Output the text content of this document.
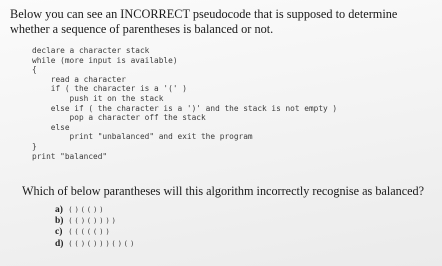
Below you can see an INCORRECT pseudocode that is supposed to determine
whether a sequence of parentheses is balanced or not.
declare a character stack
while (more input is available)
{
read a character
if ( the character is a '(' )
push it on the stack
else if ( the character is a ')' and the stack is not empty )
pop a character off the stack
else
print "unbalanced" and exit the program
}
print "balanced"
Which of below parantheses will this algorithm incorrectly recognise as balanced?
a) ( ) ( ( ) )
b) ( ( ) ( ) ) ) )
c) ( ( ( ( ( ) )
d) ( ( ) ( ) ) ) ( ) ( )
